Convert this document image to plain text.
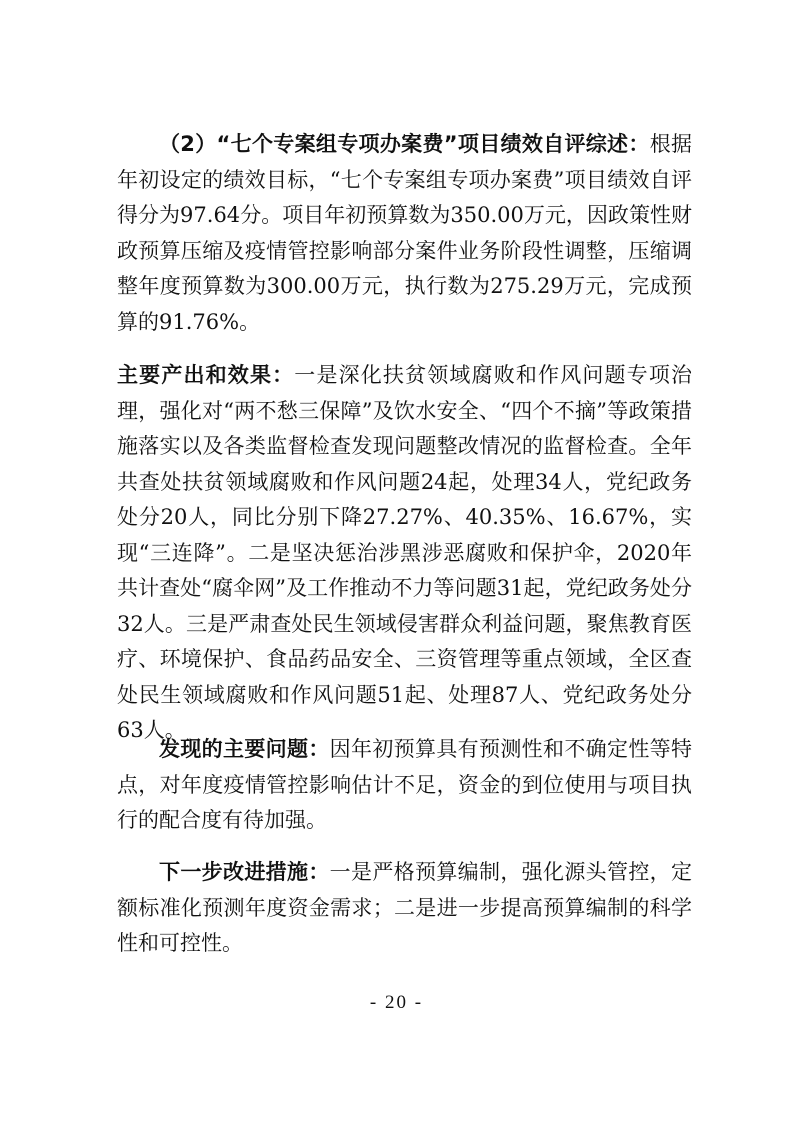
（2）“七个专案组专项办案费”项目绩效自评综述：根据年初设定的绩效目标，“七个专案组专项办案费”项目绩效自评得分为97.64分。项目年初预算数为350.00万元，因政策性财政预算压缩及疫情管控影响部分案件业务阶段性调整，压缩调整年度预算数为300.00万元，执行数为275.29万元，完成预算的91.76%。

主要产出和效果：一是深化扶贫领域腐败和作风问题专项治理，强化对“两不愁三保障”及饮水安全、“四个不摘”等政策措施落实以及各类监督检查发现问题整改情况的监督检查。全年共查处扶贫领域腐败和作风问题24起，处理34人，党纪政务处分20人，同比分别下降27.27%、40.35%、16.67%，实现“三连降”。二是坚决惩治涉黑涉恶腐败和保护伞，2020年共计查处“腐伞网”及工作推动不力等问题31起，党纪政务处分32人。三是严肃查处民生领域侵害群众利益问题，聚焦教育医疗、环境保护、食品药品安全、三资管理等重点领域，全区查处民生领域腐败和作风问题51起、处理87人、党纪政务处分63人。

发现的主要问题：因年初预算具有预测性和不确定性等特点，对年度疫情管控影响估计不足，资金的到位使用与项目执行的配合度有待加强。

下一步改进措施：一是严格预算编制，强化源头管控，定额标准化预测年度资金需求；二是进一步提高预算编制的科学性和可控性。

- 20 -
